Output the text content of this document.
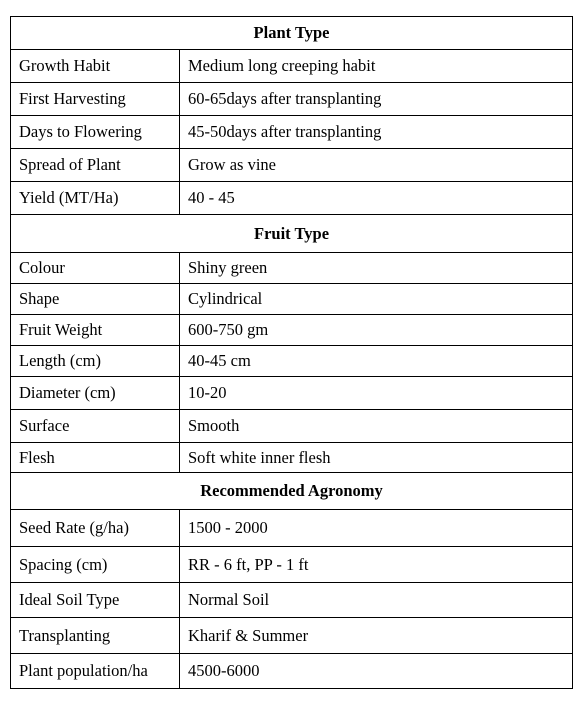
Plant Type	
Growth Habit	Medium long creeping habit
First Harvesting	60-65days after transplanting
Days to Flowering	45-50days after transplanting
Spread of Plant	Grow as vine
Yield (MT/Ha)	40 - 45
Fruit Type	
Colour	Shiny green
Shape	Cylindrical
Fruit Weight	600-750 gm
Length (cm)	40-45 cm
Diameter (cm)	10-20
Surface	Smooth
Flesh	Soft white inner flesh
Recommended Agronomy	
Seed Rate (g/ha)	1500 - 2000
Spacing (cm)	RR - 6 ft, PP - 1 ft
Ideal Soil Type	Normal Soil
Transplanting	Kharif & Summer
Plant population/ha	4500-6000
